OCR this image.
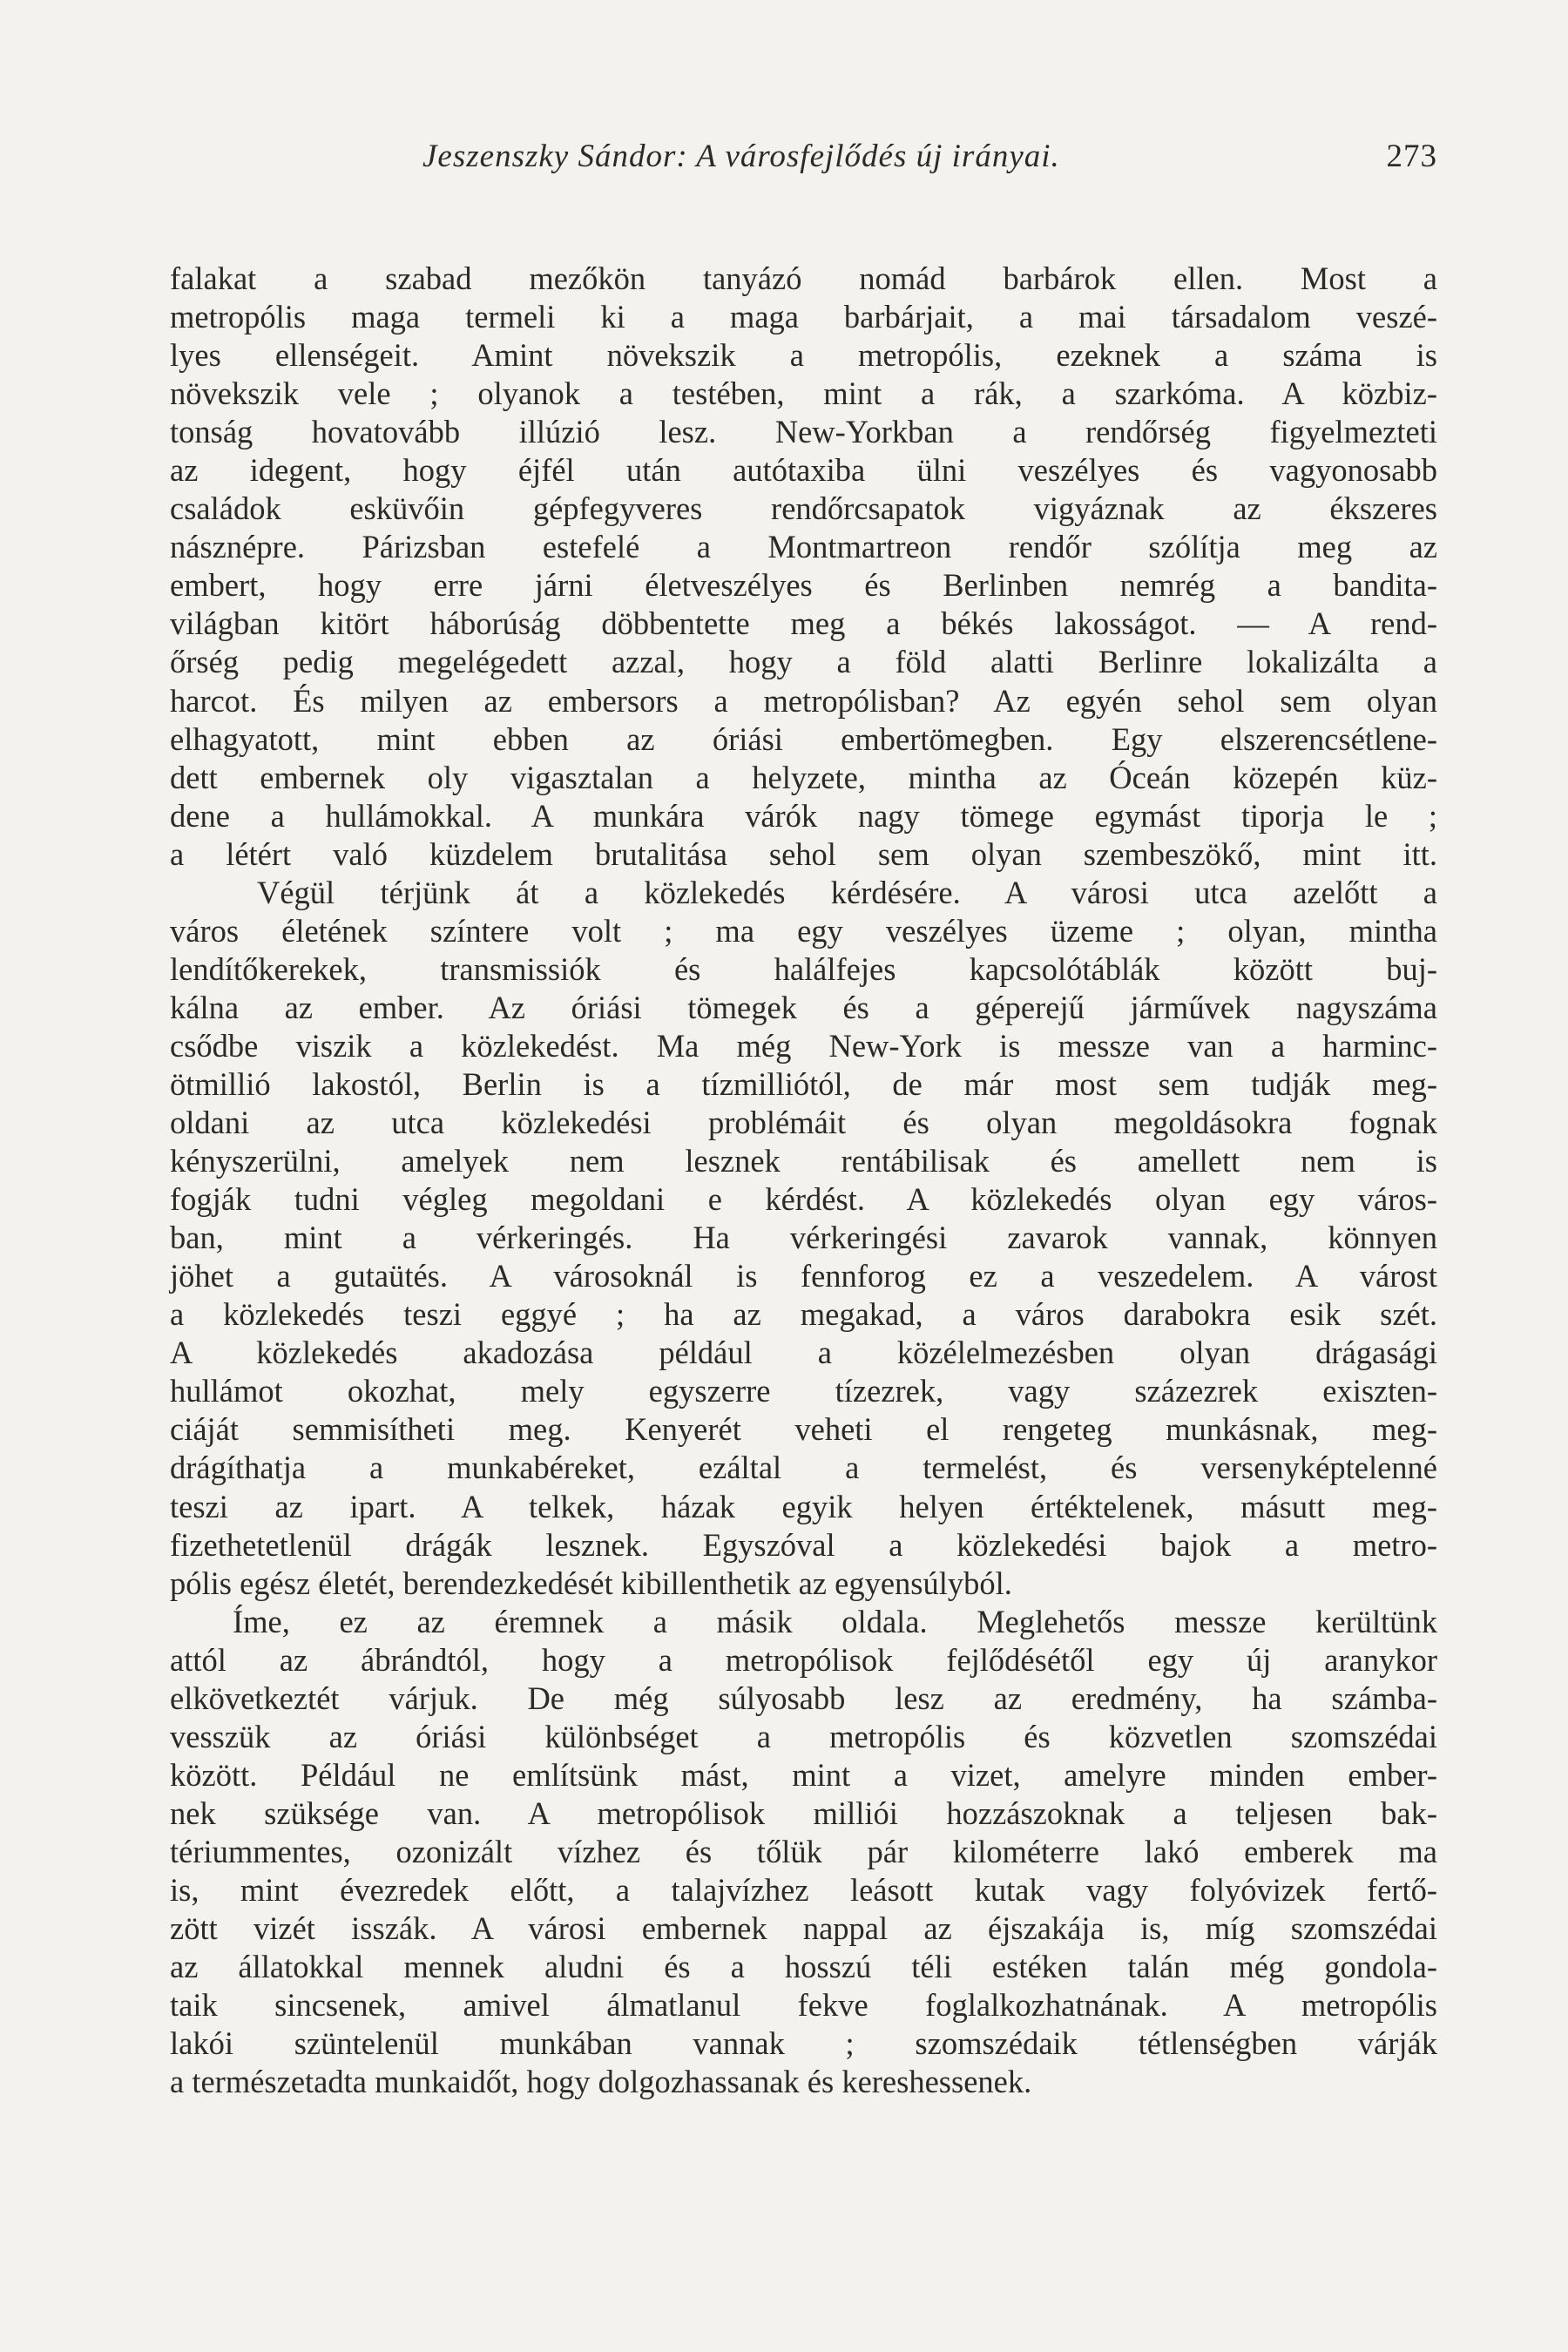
Jeszenszky Sándor: A városfejlődés új irányai.	273
falakat a szabad mezőkön tanyázó nomád barbárok ellen. Most a
metropólis maga termeli ki a maga barbárjait, a mai társadalom veszé-
lyes ellenségeit. Amint növekszik a metropólis, ezeknek a száma is
növekszik vele ; olyanok a testében, mint a rák, a szarkóma. A közbiz-
tonság hovatovább illúzió lesz. New-Yorkban a rendőrség figyelmezteti
az idegent, hogy éjfél után autótaxiba ülni veszélyes és vagyonosabb
családok esküvőin gépfegyveres rendőrcsapatok vigyáznak az ékszeres
násznépre. Párizsban estefelé a Montmartreon rendőr szólítja meg az
embert, hogy erre járni életveszélyes és Berlinben nemrég a bandita-
világban kitört háborúság döbbentette meg a békés lakosságot. — A rend-
őrség pedig megelégedett azzal, hogy a föld alatti Berlinre lokalizálta a
harcot. És milyen az embersors a metropólisban? Az egyén sehol sem olyan
elhagyatott, mint ebben az óriási embertömegben. Egy elszerencsétlene-
dett embernek oly vigasztalan a helyzete, mintha az Óceán közepén küz-
dene a hullámokkal. A munkára várók nagy tömege egymást tiporja le ;
a létért való küzdelem brutalitása sehol sem olyan szembeszökő, mint itt.
Végül térjünk át a közlekedés kérdésére. A városi utca azelőtt a
város életének színtere volt ; ma egy veszélyes üzeme ; olyan, mintha
lendítőkerekek, transmissiók és halálfejes kapcsolótáblák között buj-
kálna az ember. Az óriási tömegek és a géperejű járművek nagyszáma
csődbe viszik a közlekedést. Ma még New-York is messze van a harminc-
ötmillió lakostól, Berlin is a tízmilliótól, de már most sem tudják meg-
oldani az utca közlekedési problémáit és olyan megoldásokra fognak
kényszerülni, amelyek nem lesznek rentábilisak és amellett nem is
fogják tudni végleg megoldani e kérdést. A közlekedés olyan egy város-
ban, mint a vérkeringés. Ha vérkeringési zavarok vannak, könnyen
jöhet a gutaütés. A városoknál is fennforog ez a veszedelem. A várost
a közlekedés teszi eggyé ; ha az megakad, a város darabokra esik szét.
A közlekedés akadozása például a közélelmezésben olyan drágasági
hullámot okozhat, mely egyszerre tízezrek, vagy százezrek exiszten-
ciáját semmisítheti meg. Kenyerét veheti el rengeteg munkásnak, meg-
drágíthatja a munkabéreket, ezáltal a termelést, és versenyképtelenné
teszi az ipart. A telkek, házak egyik helyen értéktelenek, másutt meg-
fizethetetlenül drágák lesznek. Egyszóval a közlekedési bajok a metro-
pólis egész életét, berendezkedését kibillenthetik az egyensúlyból.
Íme, ez az éremnek a másik oldala. Meglehetős messze kerültünk
attól az ábrándtól, hogy a metropólisok fejlődésétől egy új aranykor
elkövetkeztét várjuk. De még súlyosabb lesz az eredmény, ha számba-
vesszük az óriási különbséget a metropólis és közvetlen szomszédai
között. Például ne említsünk mást, mint a vizet, amelyre minden ember-
nek szüksége van. A metropólisok milliói hozzászoknak a teljesen bak-
tériummentes, ozonizált vízhez és tőlük pár kilométerre lakó emberek ma
is, mint évezredek előtt, a talajvízhez leásott kutak vagy folyóvizek fertő-
zött vizét isszák. A városi embernek nappal az éjszakája is, míg szomszédai
az állatokkal mennek aludni és a hosszú téli estéken talán még gondola-
taik sincsenek, amivel álmatlanul fekve foglalkozhatnának. A metropólis
lakói szüntelenül munkában vannak ; szomszédaik tétlenségben várják
a természetadta munkaidőt, hogy dolgozhassanak és kereshessenek.
